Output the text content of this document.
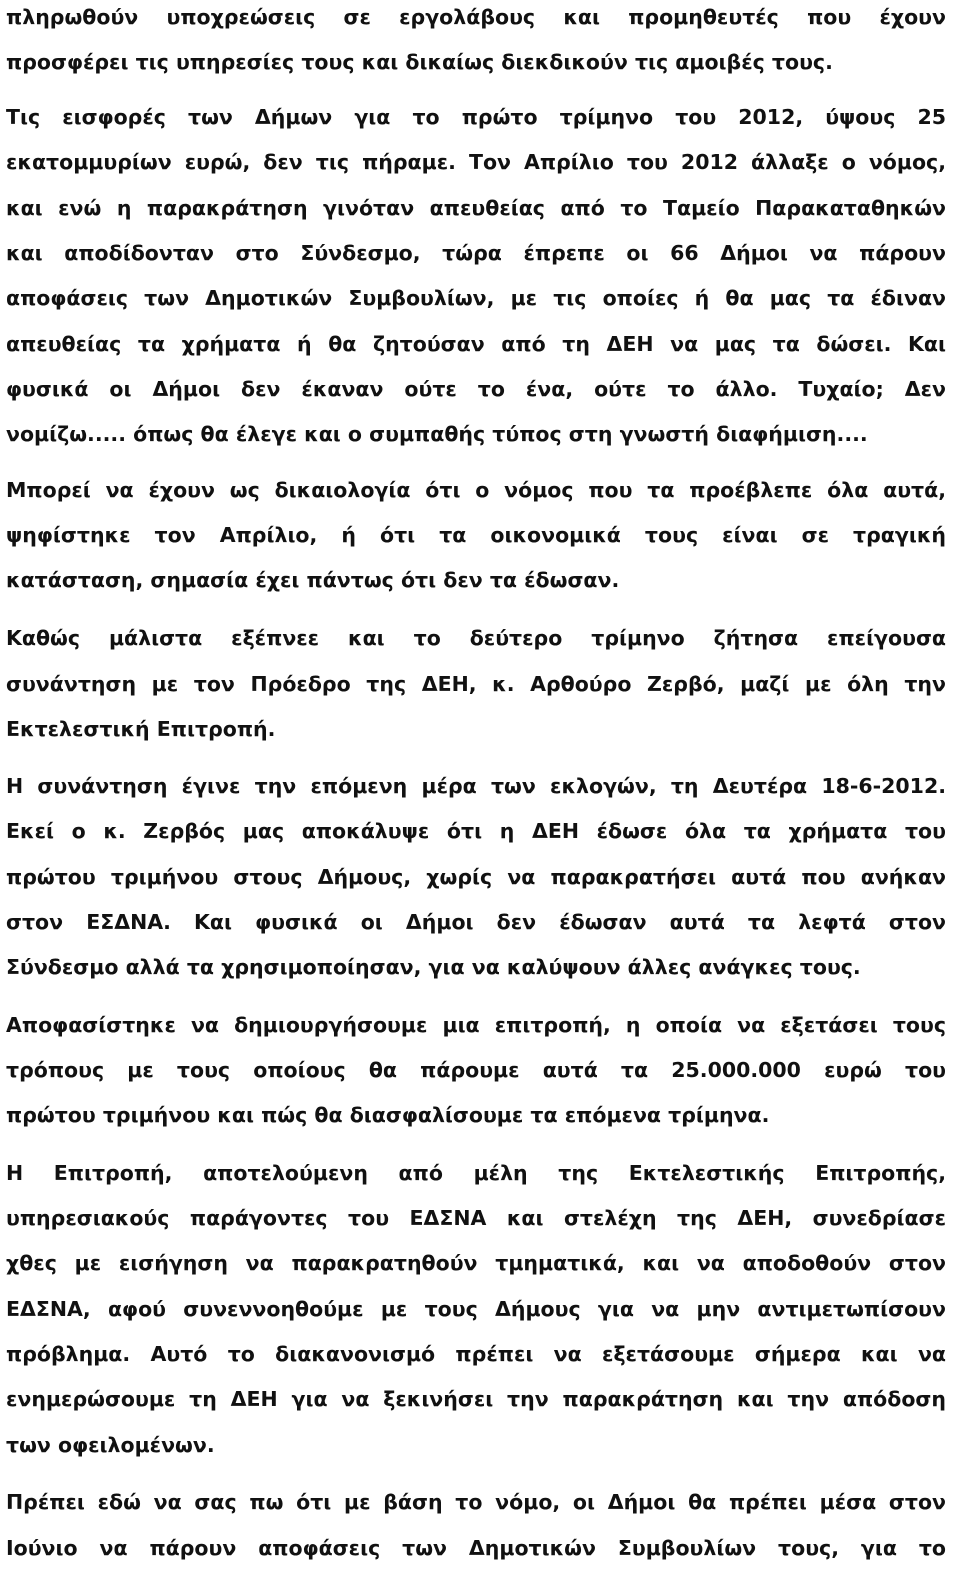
πληρωθούν υποχρεώσεις σε εργολάβους και προμηθευτές που έχουν
προσφέρει τις υπηρεσίες τους και δικαίως διεκδικούν τις αμοιβές τους.
Τις εισφορές των Δήμων για το πρώτο τρίμηνο του 2012, ύψους 25
εκατομμυρίων ευρώ, δεν τις πήραμε. Τον Απρίλιο του 2012 άλλαξε ο νόμος,
και ενώ η παρακράτηση γινόταν απευθείας από το Ταμείο Παρακαταθηκών
και αποδίδονταν στο Σύνδεσμο, τώρα έπρεπε οι 66 Δήμοι να πάρουν
αποφάσεις των Δημοτικών Συμβουλίων, με τις οποίες ή θα μας τα έδιναν
απευθείας τα χρήματα ή θα ζητούσαν από τη ΔΕΗ να μας τα δώσει. Και
φυσικά οι Δήμοι δεν έκαναν ούτε το ένα, ούτε το άλλο. Τυχαίο; Δεν
νομίζω..... όπως θα έλεγε και ο συμπαθής τύπος στη γνωστή διαφήμιση....
Μπορεί να έχουν ως δικαιολογία ότι ο νόμος που τα προέβλεπε όλα αυτά,
ψηφίστηκε τον Απρίλιο, ή ότι τα οικονομικά τους είναι σε τραγική
κατάσταση, σημασία έχει πάντως ότι δεν τα έδωσαν.
Καθώς μάλιστα εξέπνεε και το δεύτερο τρίμηνο ζήτησα επείγουσα
συνάντηση με τον Πρόεδρο της ΔΕΗ, κ. Αρθούρο Ζερβό, μαζί με όλη την
Εκτελεστική Επιτροπή.
Η συνάντηση έγινε την επόμενη μέρα των εκλογών, τη Δευτέρα 18-6-2012.
Εκεί ο κ. Ζερβός μας αποκάλυψε ότι η ΔΕΗ έδωσε όλα τα χρήματα του
πρώτου τριμήνου στους Δήμους, χωρίς να παρακρατήσει αυτά που ανήκαν
στον ΕΣΔΝΑ. Και φυσικά οι Δήμοι δεν έδωσαν αυτά τα λεφτά στον
Σύνδεσμο αλλά τα χρησιμοποίησαν, για να καλύψουν άλλες ανάγκες τους.
Αποφασίστηκε να δημιουργήσουμε μια επιτροπή, η οποία να εξετάσει τους
τρόπους με τους οποίους θα πάρουμε αυτά τα 25.000.000 ευρώ του
πρώτου τριμήνου και πώς θα διασφαλίσουμε τα επόμενα τρίμηνα.
Η Επιτροπή, αποτελούμενη από μέλη της Εκτελεστικής Επιτροπής,
υπηρεσιακούς παράγοντες του ΕΔΣΝΑ και στελέχη της ΔΕΗ, συνεδρίασε
χθες με εισήγηση να παρακρατηθούν τμηματικά, και να αποδοθούν στον
ΕΔΣΝΑ, αφού συνεννοηθούμε με τους Δήμους για να μην αντιμετωπίσουν
πρόβλημα. Αυτό το διακανονισμό πρέπει να εξετάσουμε σήμερα και να
ενημερώσουμε τη ΔΕΗ για να ξεκινήσει την παρακράτηση και την απόδοση
των οφειλομένων.
Πρέπει εδώ να σας πω ότι με βάση το νόμο, οι Δήμοι θα πρέπει μέσα στον
Ιούνιο να πάρουν αποφάσεις των Δημοτικών Συμβουλίων τους, για το
